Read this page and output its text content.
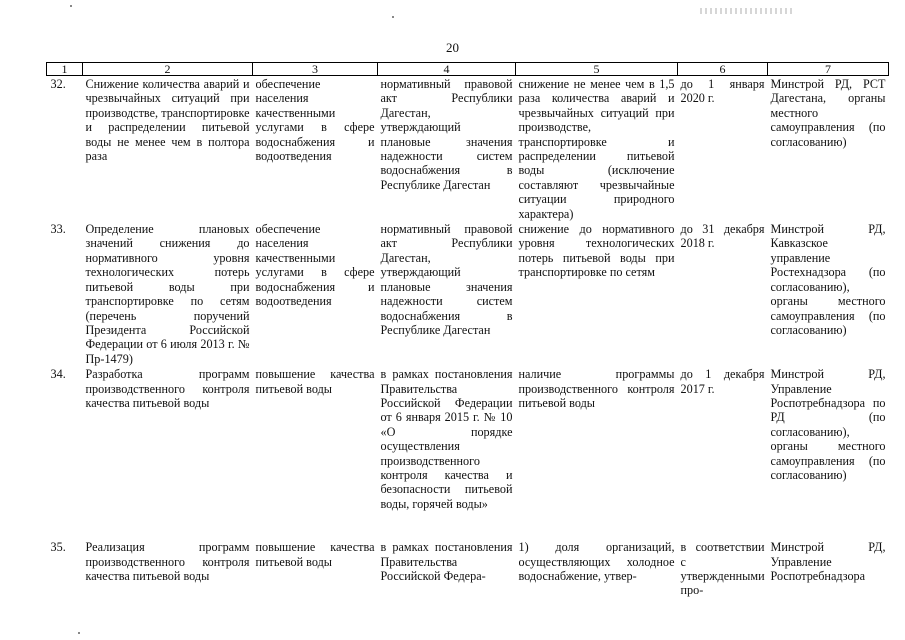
20
1	2	3	4	5	6	7
32.	Снижение количества аварий и чрезвычайных ситуаций при производстве, транспортировке и распределении питьевой воды не менее чем в полтора раза	обеспечение населения качественными услугами в сфере водоснабжения и водоотведения	нормативный правовой акт Республики Дагестан, утверждающий плановые значения надежности систем водоснабжения в Республике Дагестан	снижение не менее чем в 1,5 раза количества аварий и чрезвычайных ситуаций при производстве, транспортировке и распределении питьевой воды (исключение составляют чрезвычайные ситуации природного характера)	до 1 января 2020 г.	Минстрой РД, РСТ Дагестана, органы местного самоуправления (по согласованию)
33.	Определение плановых значений снижения до нормативного уровня технологических потерь питьевой воды при транспортировке по сетям (перечень поручений Президента Российской Федерации от 6 июля 2013 г. № Пр-1479)	обеспечение населения качественными услугами в сфере водоснабжения и водоотведения	нормативный правовой акт Республики Дагестан, утверждающий плановые значения надежности систем водоснабжения в Республике Дагестан	снижение до нормативного уровня технологических потерь питьевой воды при транспортировке по сетям	до 31 декабря 2018 г.	Минстрой РД, Кавказское управление Ростехнадзора (по согласованию), органы местного самоуправления (по согласованию)
34.	Разработка программ производственного контроля качества питьевой воды	повышение качества питьевой воды	в рамках постановления Правительства Российской Федерации от 6 января 2015 г. № 10 «О порядке осуществления производственного контроля качества и безопасности питьевой воды, горячей воды»	наличие программы производственного контроля питьевой воды	до 1 декабря 2017 г.	Минстрой РД, Управление Роспотребнадзора по РД (по согласованию), органы местного самоуправления (по согласованию)
35.	Реализация программ производственного контроля качества питьевой воды	повышение качества питьевой воды	в рамках постановления Правительства Российской Федера-	1) доля организаций, осуществляющих холодное водоснабжение, утвер-	в соответствии с утвержденными про-	Минстрой РД, Управление Роспотребнадзора
